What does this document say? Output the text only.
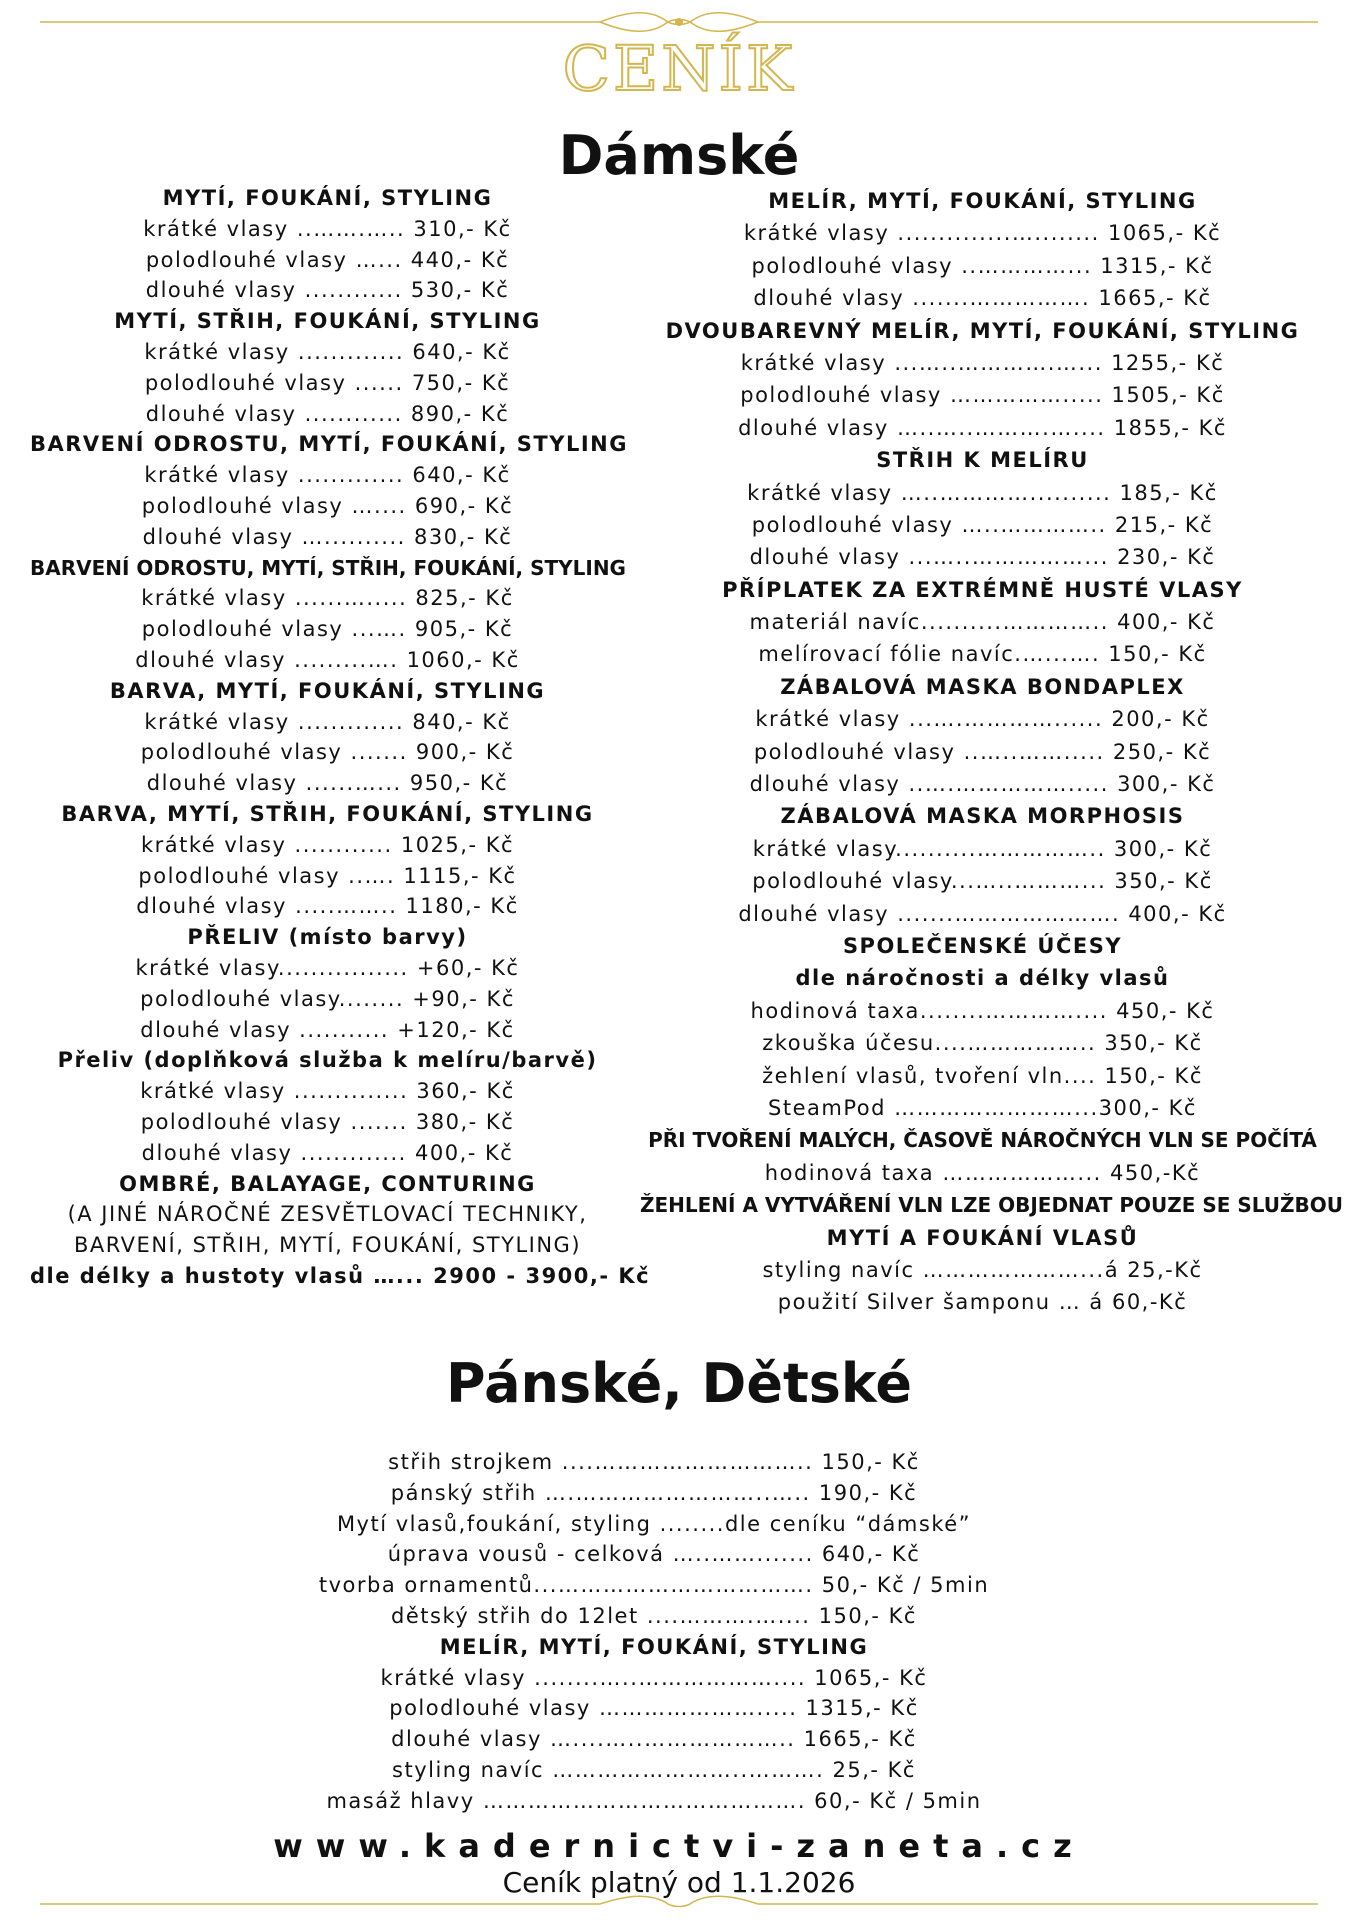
CENÍK
Dámské
MYTÍ, FOUKÁNÍ, STYLING
krátké vlasy ..…….….. 310,- Kč
polodlouhé vlasy …... 440,- Kč
dlouhé vlasy ............ 530,- Kč
MYTÍ, STŘIH, FOUKÁNÍ, STYLING
krátké vlasy ............. 640,- Kč
polodlouhé vlasy ...... 750,- Kč
dlouhé vlasy ............ 890,- Kč
BARVENÍ ODROSTU, MYTÍ, FOUKÁNÍ, STYLING
krátké vlasy ............. 640,- Kč
polodlouhé vlasy ….... 690,- Kč
dlouhé vlasy ….......... 830,- Kč
BARVENÍ ODROSTU, MYTÍ, STŘIH, FOUKÁNÍ, STYLING
krátké vlasy ......…..... 825,- Kč
polodlouhé vlasy ...…. 905,- Kč
dlouhé vlasy .........…. 1060,- Kč
BARVA, MYTÍ, FOUKÁNÍ, STYLING
krátké vlasy ............. 840,- Kč
polodlouhé vlasy ....... 900,- Kč
dlouhé vlasy ......…... 950,- Kč
BARVA, MYTÍ, STŘIH, FOUKÁNÍ, STYLING
krátké vlasy ............ 1025,- Kč
polodlouhé vlasy ..…. 1115,- Kč
dlouhé vlasy .....…….. 1180,- Kč
PŘELIV (místo barvy)
krátké vlasy................ +60,- Kč
polodlouhé vlasy........ +90,- Kč
dlouhé vlasy ........... +120,- Kč
Přeliv (doplňková služba k melíru/barvě)
krátké vlasy .............. 360,- Kč
polodlouhé vlasy ....... 380,- Kč
dlouhé vlasy ............. 400,- Kč
OMBRÉ, BALAYAGE, CONTURING
(A JINÉ NÁROČNÉ ZESVĚTLOVACÍ TECHNIKY,
BARVENÍ, STŘIH, MYTÍ, FOUKÁNÍ, STYLING)
dle délky a hustoty vlasů …... 2900 - 3900,- Kč
MELÍR, MYTÍ, FOUKÁNÍ, STYLING
krátké vlasy ..............…........ 1065,- Kč
polodlouhé vlasy ..…………... 1315,- Kč
dlouhé vlasy .......……………. 1665,- Kč
DVOUBAREVNÝ MELÍR, MYTÍ, FOUKÁNÍ, STYLING
krátké vlasy ...…..………….…... 1255,- Kč
polodlouhé vlasy ……………..... 1505,- Kč
dlouhé vlasy …..…..……….….... 1855,- Kč
STŘIH K MELÍRU
krátké vlasy …..………….......... 185,- Kč
polodlouhé vlasy …..………….. 215,- Kč
dlouhé vlasy ...…..……………... 230,- Kč
PŘÍPLATEK ZA EXTRÉMNĚ HUSTÉ VLASY
materiál navíc..........………….. 400,- Kč
melírovací fólie navíc.…...…. 150,- Kč
ZÁBALOVÁ MASKA BONDAPLEX
krátké vlasy ...….…………...... 200,- Kč
polodlouhé vlasy ..…..……..... 250,- Kč
dlouhé vlasy ..….……………..... 300,- Kč
ZÁBALOVÁ MASKA MORPHOSIS
krátké vlasy..........…………….. 300,- Kč
polodlouhé vlasy...…..………... 350,- Kč
dlouhé vlasy .......…………………. 400,- Kč
SPOLEČENSKÉ ÚČESY
dle náročnosti a délky vlasů
hodinová taxa........………….... 450,- Kč
zkouška účesu....…………….. 350,- Kč
žehlení vlasů, tvoření vln.... 150,- Kč
SteamPod ……………………...300,- Kč
PŘI TVOŘENÍ MALÝCH, ČASOVĚ NÁROČNÝCH VLN SE POČÍTÁ
hodinová taxa ………………... 450,-Kč
ŽEHLENÍ A VYTVÁŘENÍ VLN LZE OBJEDNAT POUZE SE SLUŽBOU
MYTÍ A FOUKÁNÍ VLASŮ
styling navíc …………………...á 25,-Kč
použití Silver šamponu … á 60,-Kč
Pánské, Dětské
střih strojkem ....……………………….. 150,- Kč
pánský střih ….……………………..….. 190,- Kč
Mytí vlasů,foukání, styling ........dle ceníku “dámské”
úprava vousů - celková …..……....... 640,- Kč
tvorba ornamentů...……………………………. 50,- Kč / 5min
dětský střih do 12let ....……….….... 150,- Kč
MELÍR, MYTÍ, FOUKÁNÍ, STYLING
krátké vlasy ........…..……………….... 1065,- Kč
polodlouhé vlasy …………………..... 1315,- Kč
dlouhé vlasy …....…..……………….. 1665,- Kč
styling navíc ……………………..………. 25,- Kč
masáž hlavy ……………………………………. 60,- Kč / 5min
www.kadernictvi-zaneta.cz
Ceník platný od 1.1.2026
